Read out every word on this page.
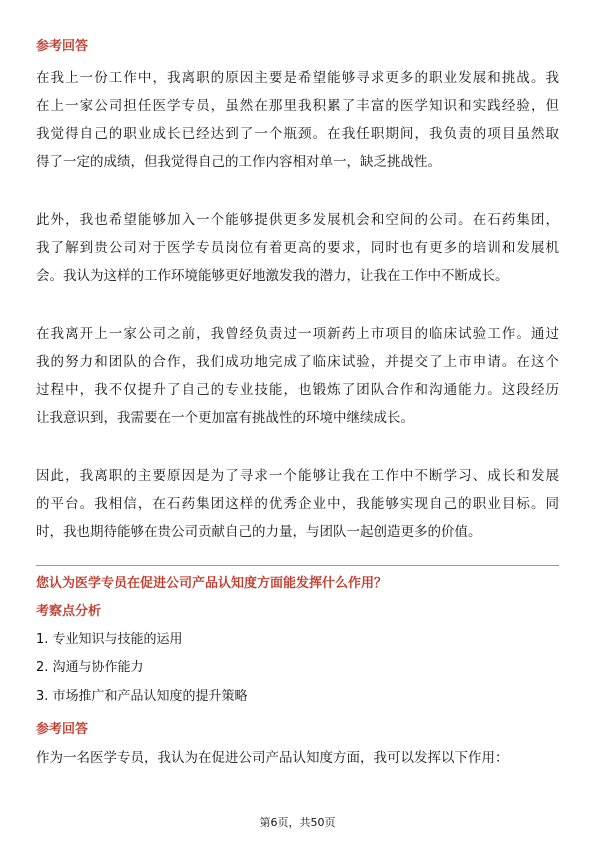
参考回答
在我上一份工作中，我离职的原因主要是希望能够寻求更多的职业发展和挑战。我
在上一家公司担任医学专员，虽然在那里我积累了丰富的医学知识和实践经验，但
我觉得自己的职业成长已经达到了一个瓶颈。在我任职期间，我负责的项目虽然取
得了一定的成绩，但我觉得自己的工作内容相对单一，缺乏挑战性。
此外，我也希望能够加入一个能够提供更多发展机会和空间的公司。在石药集团，
我了解到贵公司对于医学专员岗位有着更高的要求，同时也有更多的培训和发展机
会。我认为这样的工作环境能够更好地激发我的潜力，让我在工作中不断成长。
在我离开上一家公司之前，我曾经负责过一项新药上市项目的临床试验工作。通过
我的努力和团队的合作，我们成功地完成了临床试验，并提交了上市申请。在这个
过程中，我不仅提升了自己的专业技能，也锻炼了团队合作和沟通能力。这段经历
让我意识到，我需要在一个更加富有挑战性的环境中继续成长。
因此，我离职的主要原因是为了寻求一个能够让我在工作中不断学习、成长和发展
的平台。我相信，在石药集团这样的优秀企业中，我能够实现自己的职业目标。同
时，我也期待能够在贵公司贡献自己的力量，与团队一起创造更多的价值。
您认为医学专员在促进公司产品认知度方面能发挥什么作用？
考察点分析
1. 专业知识与技能的运用
2. 沟通与协作能力
3. 市场推广和产品认知度的提升策略
参考回答
作为一名医学专员，我认为在促进公司产品认知度方面，我可以发挥以下作用：
第6页，共50页
